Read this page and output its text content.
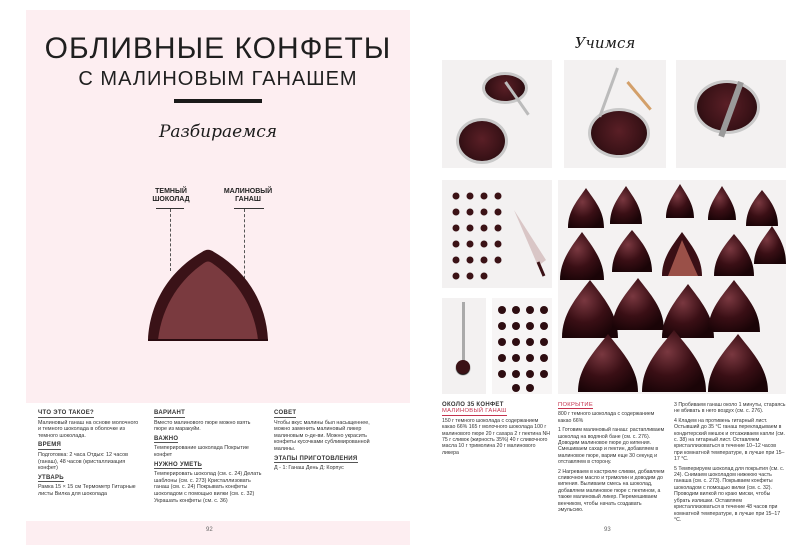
ОБЛИВНЫЕ КОНФЕТЫ
С МАЛИНОВЫМ ГАНАШЕМ
Разбираемся
ТЕМНЫЙ ШОКОЛАД
МАЛИНОВЫЙ ГАНАШ
ЧТО ЭТО ТАКОЕ?

Малиновый ганаш на основе молочного и темного шоколада в оболочке из темного шоколада.

ВРЕМЯ

Подготовка: 2 часа Отдых: 12 часов (ганаш), 48 часов (кристаллизация конфет)

УТВАРЬ

Рамка 15 × 15 см Термометр Гитарные листы Вилка для шоколада

ВАРИАНТ

Вместо малинового пюре можно взять пюре из маракуйи.

ВАЖНО

Темперирование шоколада Покрытие конфет

НУЖНО УМЕТЬ

Темперировать шоколад (см. с. 24) Делать шаблоны (см. с. 273) Кристаллизовать ганаш (см. с. 24) Покрывать конфеты шоколадом с помощью вилки (см. с. 32) Украшать конфеты (см. с. 36)

СОВЕТ

Чтобы вкус малины был насыщеннее, можно заменить малиновый ликер малиновым о-де-ви. Можно украсить конфеты кусочками сублимированной малины.

ЭТАПЫ ПРИГОТОВЛЕНИЯ

Д - 1: Ганаш День Д: Корпус

92
Учимся
ОКОЛО 35 КОНФЕТ
МАЛИНОВЫЙ ГАНАШ
150 г темного шоколада с содержанием какао 66% 165 г молочного шоколада 100 г малинового пюре 20 г сахара 2 г пектина NH 75 г сливок (жирность 35%) 40 г сливочного масла 10 г тримолина 20 г малинового ликера
ПОКРЫТИЕ
800 г темного шоколада с содержанием какао 66%
1 Готовим малиновый ганаш: растапливаем шоколад на водяной бане (см. с. 276). Доводим малиновое пюре до кипения. Смешиваем сахар и пектин, добавляем в малиновое пюре, варим еще 30 секунд и отставляем в сторону.
2 Нагреваем в кастрюле сливки, добавляем сливочное масло и тримолин и доводим до кипения. Выливаем смесь на шоколад, добавляем малиновое пюре с пектином, а также малиновый ликер. Перемешиваем венчиком, чтобы начать создавать эмульсию.
3 Пробиваем ганаш около 1 минуты, стараясь не вбивать в него воздух (см. с. 276).
4 Кладем на противень гитарный лист. Остывший до 35 °С ганаш перекладываем в кондитерский мешок и отсаживаем капли (см. с. 38) на гитарный лист. Оставляем кристаллизоваться в течение 10–12 часов при комнатной температуре, в лучше при 15–17 °С.
5 Темперируем шоколад для покрытия (см. с. 24). Снимаем шоколадом нижнюю часть ганаша (см. с. 273). Покрываем конфеты шоколадом с помощью вилки (см. с. 32). Проводим вилкой по краю миски, чтобы убрать излишки. Оставляем кристаллизоваться в течение 48 часов при комнатной температуре, в лучше при 15–17 °С.
93
